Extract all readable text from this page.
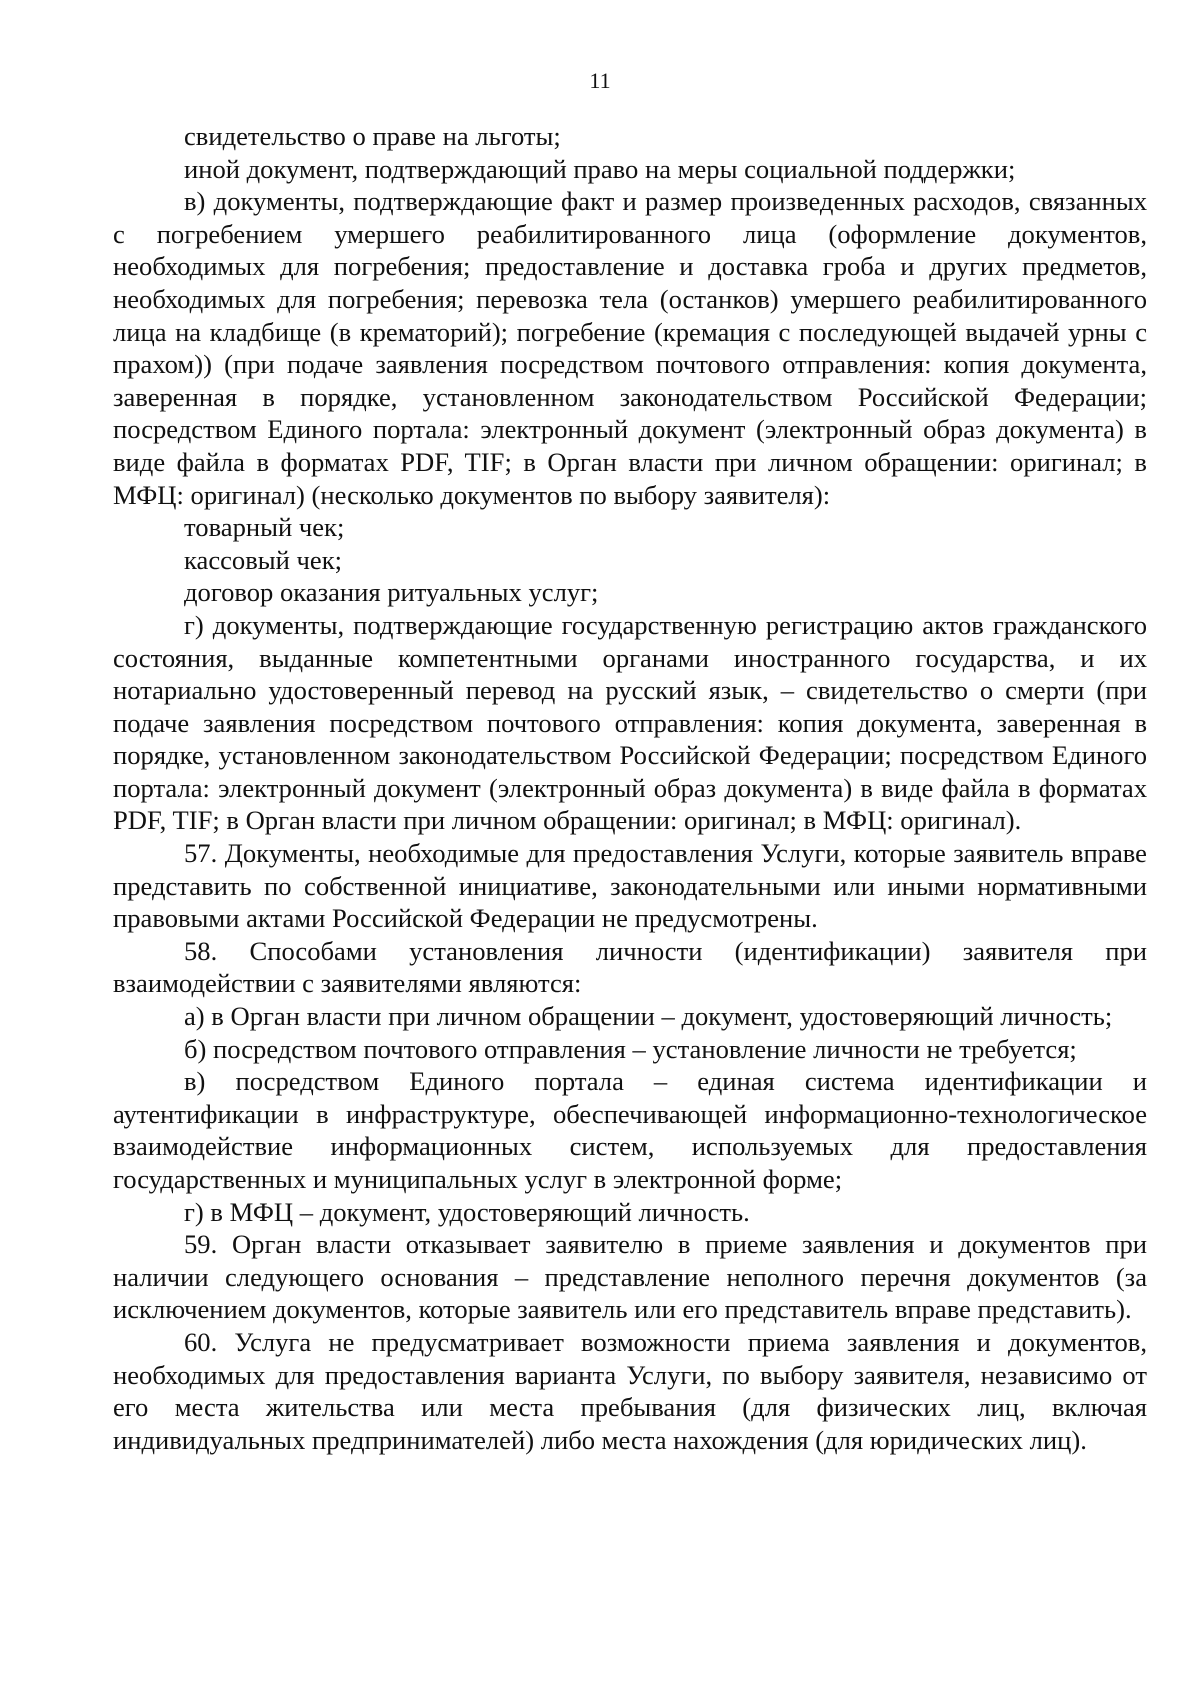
11

свидетельство о праве на льготы;

иной документ, подтверждающий право на меры социальной поддержки;

в) документы, подтверждающие факт и размер произведенных расходов, связанных с погребением умершего реабилитированного лица (оформление документов, необходимых для погребения; предоставление и доставка гроба и других предметов, необходимых для погребения; перевозка тела (останков) умершего реабилитированного лица на кладбище (в крематорий); погребение (кремация с последующей выдачей урны с прахом)) (при подаче заявления посредством почтового отправления: копия документа, заверенная в порядке, установленном законодательством Российской Федерации; посредством Единого портала: электронный документ (электронный образ документа) в виде файла в форматах PDF, TIF; в Орган власти при личном обращении: оригинал; в МФЦ: оригинал) (несколько документов по выбору заявителя):

товарный чек;

кассовый чек;

договор оказания ритуальных услуг;

г) документы, подтверждающие государственную регистрацию актов гражданского состояния, выданные компетентными органами иностранного государства, и их нотариально удостоверенный перевод на русский язык, – свидетельство о смерти (при подаче заявления посредством почтового отправления: копия документа, заверенная в порядке, установленном законодательством Российской Федерации; посредством Единого портала: электронный документ (электронный образ документа) в виде файла в форматах PDF, TIF; в Орган власти при личном обращении: оригинал; в МФЦ: оригинал).

57. Документы, необходимые для предоставления Услуги, которые заявитель вправе представить по собственной инициативе, законодательными или иными нормативными правовыми актами Российской Федерации не предусмотрены.

58. Способами установления личности (идентификации) заявителя при взаимодействии с заявителями являются:

а) в Орган власти при личном обращении – документ, удостоверяющий личность;

б) посредством почтового отправления – установление личности не требуется;

в) посредством Единого портала – единая система идентификации и аутентификации в инфраструктуре, обеспечивающей информационно-технологическое взаимодействие информационных систем, используемых для предоставления государственных и муниципальных услуг в электронной форме;

г) в МФЦ – документ, удостоверяющий личность.

59. Орган власти отказывает заявителю в приеме заявления и документов при наличии следующего основания – представление неполного перечня документов (за исключением документов, которые заявитель или его представитель вправе представить).

60. Услуга не предусматривает возможности приема заявления и документов, необходимых для предоставления варианта Услуги, по выбору заявителя, независимо от его места жительства или места пребывания (для физических лиц, включая индивидуальных предпринимателей) либо места нахождения (для юридических лиц).
